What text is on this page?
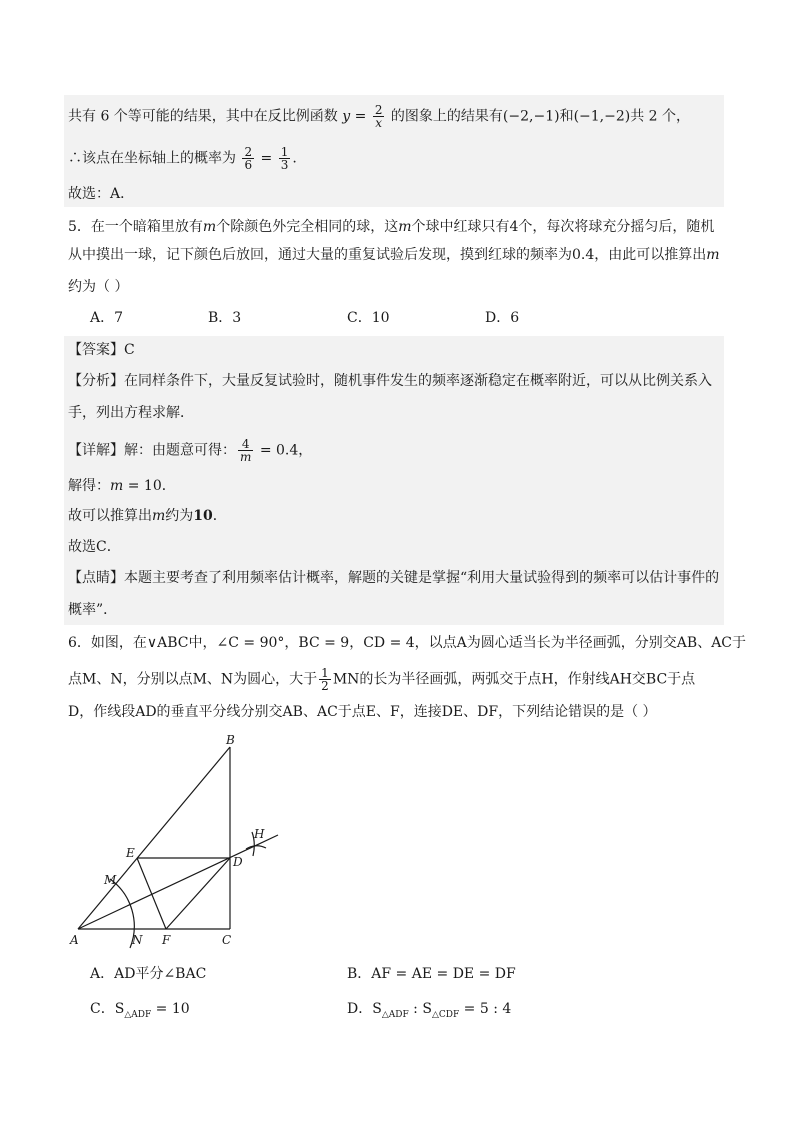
共有 6 个等可能的结果，其中在反比例函数 $y = \frac{2}{x}$ 的图象上的结果有(−2,−1)和(−1,−2)共 2 个，
∴该点在坐标轴上的概率为 $\frac{2}{6} = \frac{1}{3}$ .
故选：A．
5．在一个暗箱里放有m个除颜色外完全相同的球，这m个球中红球只有4个，每次将球充分摇匀后，随机
从中摸出一球，记下颜色后放回，通过大量的重复试验后发现，摸到红球的频率为0.4，由此可以推算出m
约为（ ）
A．7	B．3	C．10	D．6
【答案】C
【分析】在同样条件下，大量反复试验时，随机事件发生的频率逐渐稳定在概率附近，可以从比例关系入
手，列出方程求解．
【详解】解：由题意可得： $\frac{4}{m} = 0.4$，
解得：m = 10．
故可以推算出m约为10．
故选C．
【点睛】本题主要考查了利用频率估计概率，解题的关键是掌握“利用大量试验得到的频率可以估计事件的
概率”．
6．如图，在∨ABC中，∠C = 90°，BC = 9，CD = 4，以点A为圆心适当长为半径画弧，分别交AB、AC于
点M、N，分别以点M、N为圆心，大于 $\frac{1}{2}$ MN的长为半径画弧，两弧交于点H，作射线AH交BC于点
D，作线段AD的垂直平分线分别交AB、AC于点E、F，连接DE、DF，下列结论错误的是（ ）
B
H
E
D
M
A	N F	C
A．AD平分∠BAC	B．AF = AE = DE = DF
C．$S_{\triangle ADF} = 10$	D．$S_{\triangle ADF}$ : $S_{\triangle CDF} = 5$ : 4
